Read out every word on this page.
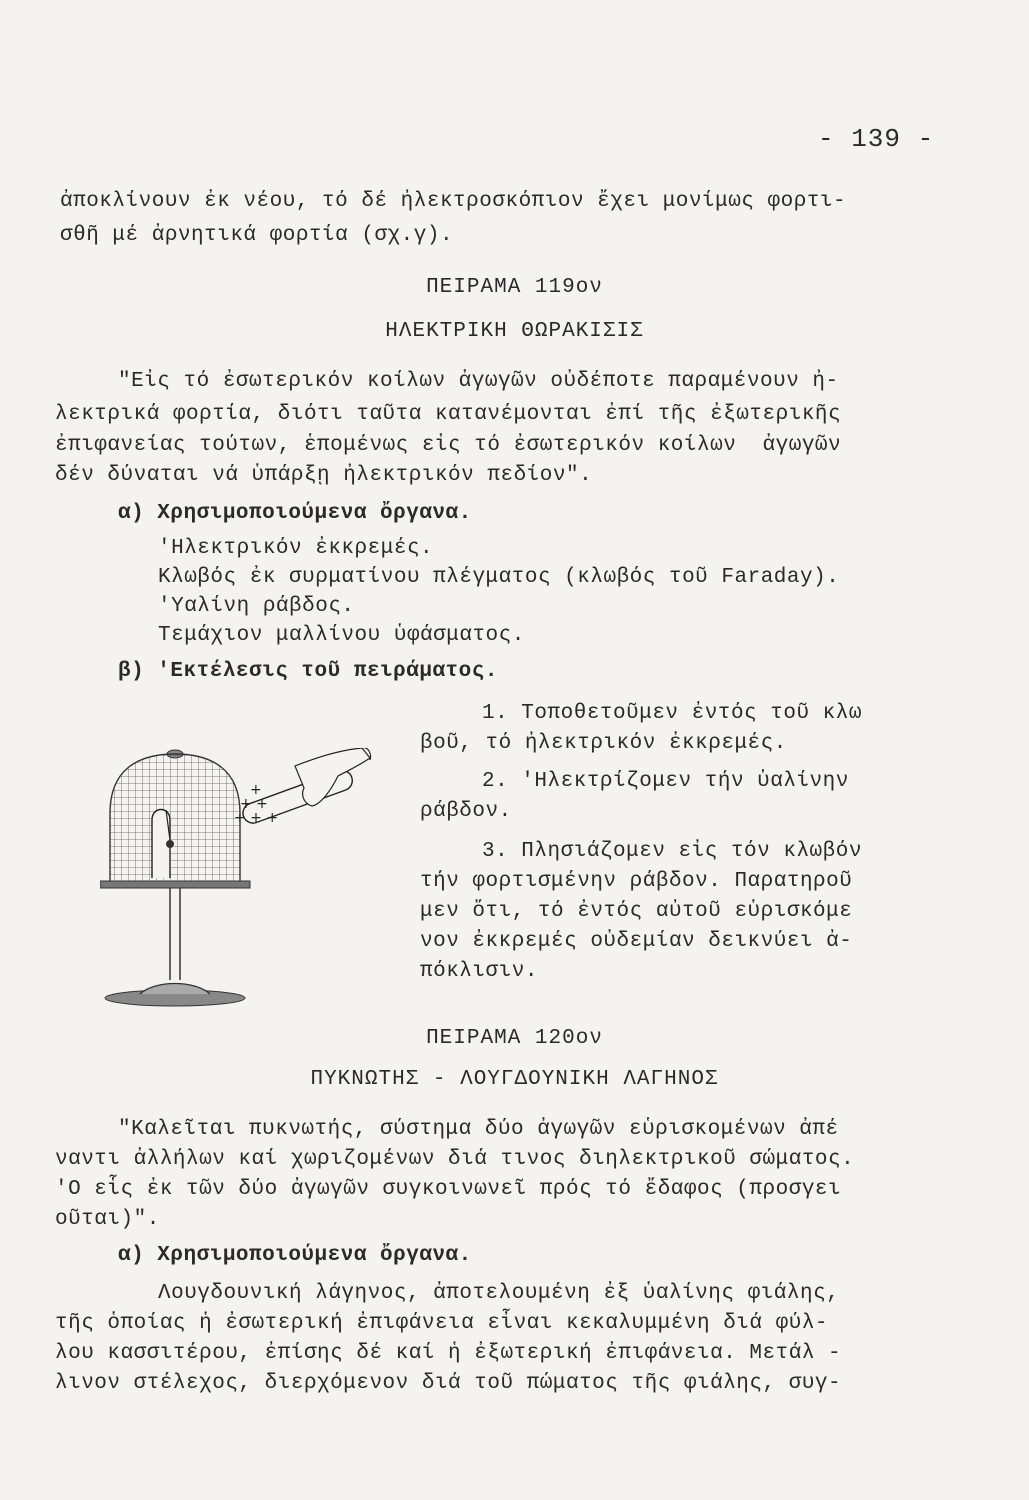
- 139 -
ἀποκλίνουν ἐκ νέου, τό δέ ἠλεκτροσκόπιον ἔχει μονίμως φορτι-
σθῆ μέ ἀρνητικά φορτία (σχ.γ).
ΠΕΙΡΑΜΑ 119ον
ΗΛΕΚΤΡΙΚΗ ΘΩΡΑΚΙΣΙΣ
"Εἰς τό ἐσωτερικόν κοίλων ἀγωγῶν οὐδέποτε παραμένουν ἠ-
λεκτρικά φορτία, διότι ταῦτα κατανέμονται ἐπί τῆς ἐξωτερικῆς
ἐπιφανείας τούτων, ἑπομένως εἰς τό ἐσωτερικόν κοίλων  ἀγωγῶν
δέν δύναται νά ὑπάρξῃ ἠλεκτρικόν πεδίον".
α) Χρησιμοποιούμενα ὄργανα.
'Ηλεκτρικόν ἐκκρεμές.
Κλωβός ἐκ συρματίνου πλέγματος (κλωβός τοῦ Faraday).
'Υαλίνη ράβδος.
Τεμάχιον μαλλίνου ὑφάσματος.
β) 'Εκτέλεσις τοῦ πειράματος.
+ +
+
+ + +
1. Τοποθετοῦμεν ἐντός τοῦ κλω
βοῦ, τό ἠλεκτρικόν ἐκκρεμές.
2. 'Ηλεκτρίζομεν τήν ὑαλίνην
ράβδον.
3. Πλησιάζομεν εἰς τόν κλωβόν
τήν φορτισμένην ράβδον. Παρατηροῦ
μεν ὅτι, τό ἐντός αὐτοῦ εὑρισκόμε
νον ἐκκρεμές οὐδεμίαν δεικνύει ἀ-
πόκλισιν.
ΠΕΙΡΑΜΑ 120ον
ΠΥΚΝΩΤΗΣ - ΛΟΥΓΔΟΥΝΙΚΗ ΛΑΓΗΝΟΣ
"Καλεῖται πυκνωτής, σύστημα δύο ἀγωγῶν εὑρισκομένων ἀπέ
ναντι ἀλλήλων καί χωριζομένων διά τινος διηλεκτρικοῦ σώματος.
'Ο εἷς ἐκ τῶν δύο ἀγωγῶν συγκοινωνεῖ πρός τό ἔδαφος (προσγει
οῦται)".
α) Χρησιμοποιούμενα ὄργανα.
Λουγδουνική λάγηνος, ἀποτελουμένη ἐξ ὑαλίνης φιάλης,
τῆς ὁποίας ἡ ἐσωτερική ἐπιφάνεια εἶναι κεκαλυμμένη διά φύλ-
λου κασσιτέρου, ἐπίσης δέ καί ἡ ἐξωτερική ἐπιφάνεια. Μετάλ -
λινον στέλεχος, διερχόμενον διά τοῦ πώματος τῆς φιάλης, συγ-
